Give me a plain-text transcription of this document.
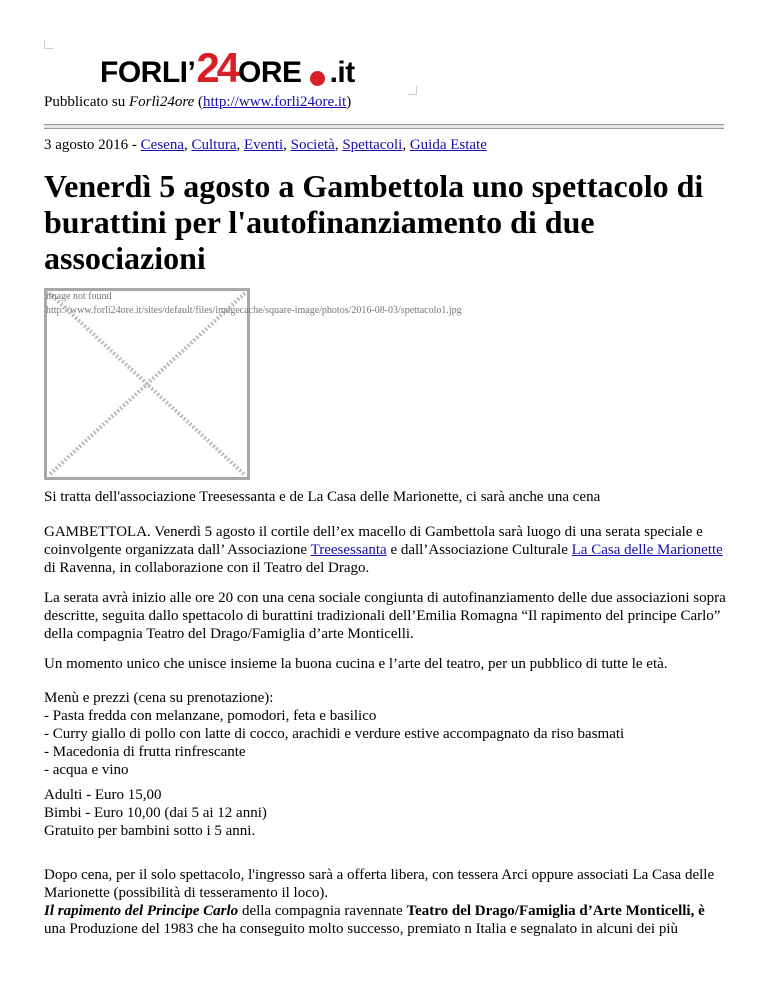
FORLI’ 24 ORE .it
Pubblicato su Forlì24ore (http://www.forli24ore.it)
3 agosto 2016 - Cesena, Cultura, Eventi, Società, Spettacoli, Guida Estate
Venerdì 5 agosto a Gambettola uno spettacolo di burattini per l'autofinanziamento di due associazioni
image not found
http://www.forli24ore.it/sites/default/files/imagecache/square-image/photos/2016-08-03/spettacolo1.jpg
Si tratta dell'associazione Treesessanta e de La Casa delle Marionette, ci sarà anche una cena
GAMBETTOLA. Venerdì 5 agosto il cortile dell’ex macello di Gambettola sarà luogo di una serata speciale e coinvolgente organizzata dall’ Associazione Treesessanta e dall’Associazione Culturale La Casa delle Marionette di Ravenna, in collaborazione con il Teatro del Drago.
La serata avrà inizio alle ore 20 con una cena sociale congiunta di autofinanziamento delle due associazioni sopra descritte, seguita dallo spettacolo di burattini tradizionali dell’Emilia Romagna “Il rapimento del principe Carlo” della compagnia Teatro del Drago/Famiglia d’arte Monticelli.
Un momento unico che unisce insieme la buona cucina e l’arte del teatro, per un pubblico di tutte le età.
Menù e prezzi (cena su prenotazione):
- Pasta fredda con melanzane, pomodori, feta e basilico
- Curry giallo di pollo con latte di cocco, arachidi e verdure estive accompagnato da riso basmati
- Macedonia di frutta rinfrescante
- acqua e vino
Adulti - Euro 15,00
Bimbi - Euro 10,00 (dai 5 ai 12 anni)
Gratuito per bambini sotto i 5 anni.
Dopo cena, per il solo spettacolo, l'ingresso sarà a offerta libera, con tessera Arci oppure associati La Casa delle Marionette (possibilità di tesseramento il loco).
Il rapimento del Principe Carlo della compagnia ravennate Teatro del Drago/Famiglia d’Arte Monticelli, è una Produzione del 1983 che ha conseguito molto successo, premiato n Italia e segnalato in alcuni dei più
